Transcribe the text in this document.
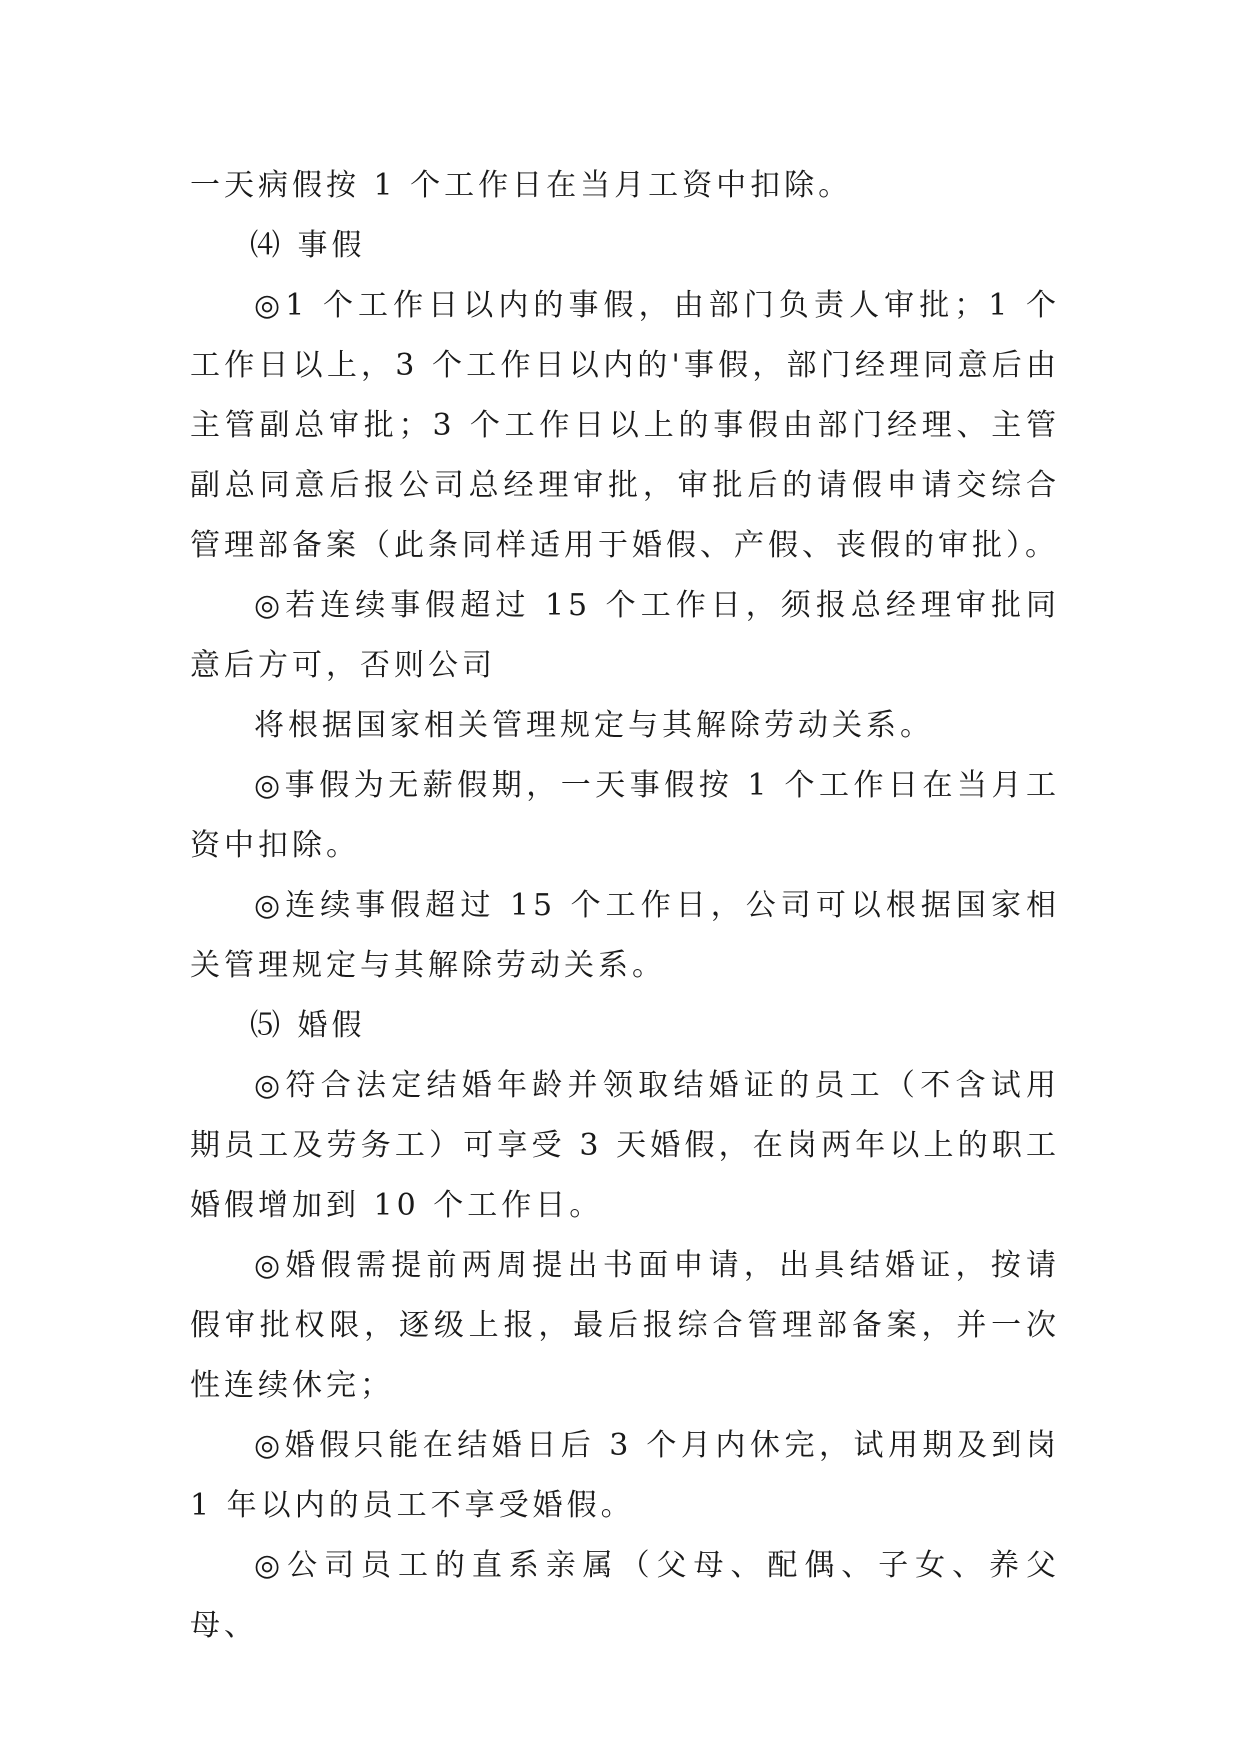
一天病假按 1 个工作日在当月工资中扣除。

⑷ 事假

◎1 个工作日以内的事假，由部门负责人审批；1 个工作日以上，3 个工作日以内的'事假，部门经理同意后由主管副总审批；3 个工作日以上的事假由部门经理、主管副总同意后报公司总经理审批，审批后的请假申请交综合管理部备案（此条同样适用于婚假、产假、丧假的审批）。

◎若连续事假超过 15 个工作日，须报总经理审批同意后方可，否则公司

将根据国家相关管理规定与其解除劳动关系。

◎事假为无薪假期，一天事假按 1 个工作日在当月工资中扣除。

◎连续事假超过 15 个工作日，公司可以根据国家相关管理规定与其解除劳动关系。

⑸ 婚假

◎符合法定结婚年龄并领取结婚证的员工（不含试用期员工及劳务工）可享受 3 天婚假，在岗两年以上的职工婚假增加到 10 个工作日。

◎婚假需提前两周提出书面申请，出具结婚证，按请假审批权限，逐级上报，最后报综合管理部备案，并一次性连续休完；

◎婚假只能在结婚日后 3 个月内休完，试用期及到岗 1 年以内的员工不享受婚假。

◎公司员工的直系亲属（父母、配偶、子女、养父母、
